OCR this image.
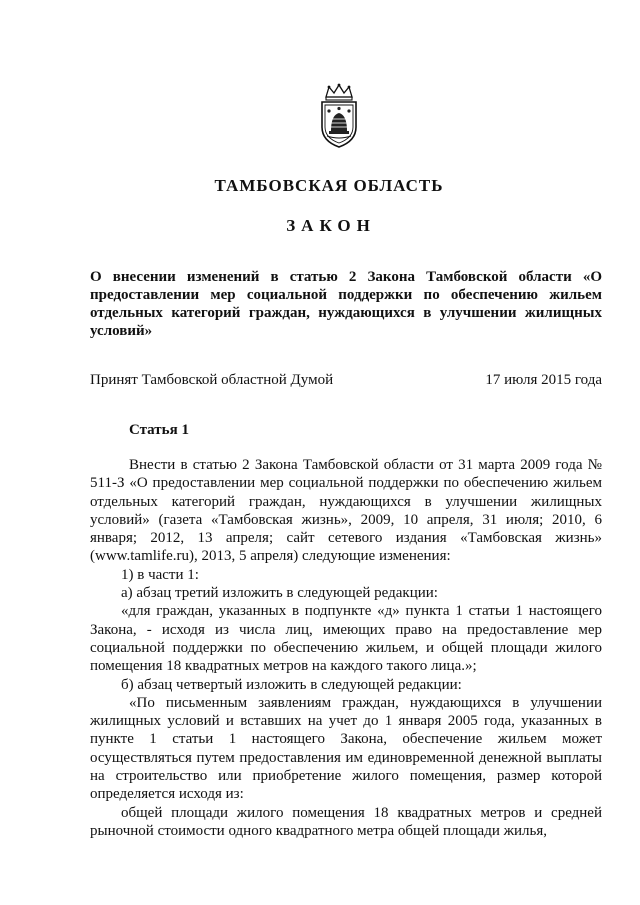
ТАМБОВСКАЯ ОБЛАСТЬ
ЗАКОН
О внесении изменений в статью 2 Закона Тамбовской области «О предоставлении мер социальной поддержки по обеспечению жильем отдельных категорий граждан, нуждающихся в улучшении жилищных условий»
Принят Тамбовской областной Думой	17 июля 2015 года
Статья 1

Внести в статью 2 Закона Тамбовской области от 31 марта 2009 года № 511-З «О предоставлении мер социальной поддержки по обеспечению жильем отдельных категорий граждан, нуждающихся в улучшении жилищных условий» (газета «Тамбовская жизнь», 2009, 10 апреля, 31 июля; 2010, 6 января; 2012, 13 апреля; сайт сетевого издания «Тамбовская жизнь» (www.tamlife.ru), 2013, 5 апреля) следующие изменения:

1) в части 1:

а) абзац третий изложить в следующей редакции:

«для граждан, указанных в подпункте «д» пункта 1 статьи 1 настоящего Закона, - исходя из числа лиц, имеющих право на предоставление мер социальной поддержки по обеспечению жильем, и общей площади жилого помещения 18 квадратных метров на каждого такого лица.»;

б) абзац четвертый изложить в следующей редакции:

«По письменным заявлениям граждан, нуждающихся в улучшении жилищных условий и вставших на учет до 1 января 2005 года, указанных в пункте 1 статьи 1 настоящего Закона, обеспечение жильем может осуществляться путем предоставления им единовременной денежной выплаты на строительство или приобретение жилого помещения, размер которой определяется исходя из:

общей площади жилого помещения 18 квадратных метров и средней рыночной стоимости одного квадратного метра общей площади жилья,
